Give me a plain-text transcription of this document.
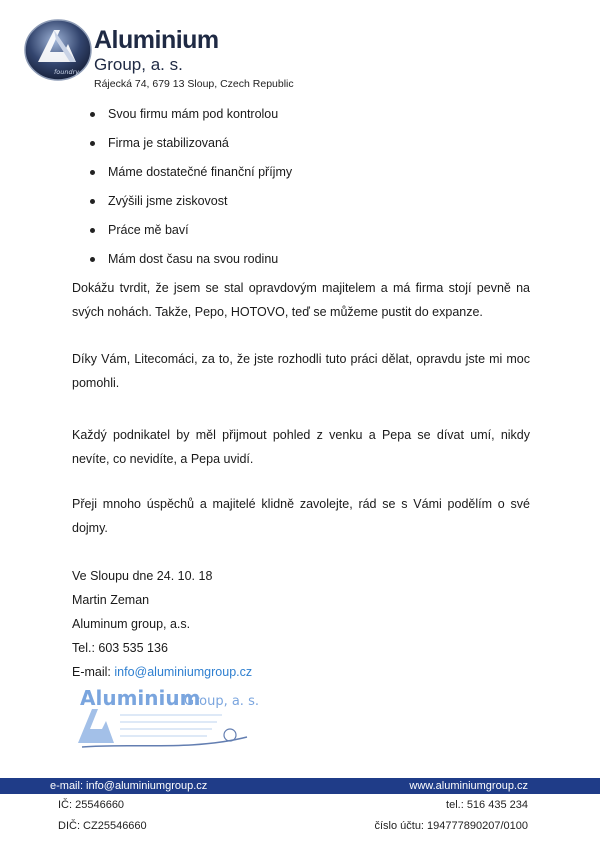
foundry
Aluminium
Group, a. s.
Rájecká 74, 679 13 Sloup, Czech Republic
Svou firmu mám pod kontrolou
Firma je stabilizovaná
Máme dostatečné finanční příjmy
Zvýšili jsme ziskovost
Práce mě baví
Mám dost času na svou rodinu

Dokážu tvrdit, že jsem se stal opravdovým majitelem a má firma stojí pevně na svých nohách. Takže, Pepo, HOTOVO, teď se můžeme pustit do expanze.

Díky Vám, Litecomáci, za to, že jste rozhodli tuto práci dělat, opravdu jste mi moc pomohli.

Každý podnikatel by měl přijmout pohled z venku a Pepa se dívat umí, nikdy nevíte, co nevidíte, a Pepa uvidí.

Přeji mnoho úspěchů a majitelé klidně zavolejte, rád se s Vámi podělím o své dojmy.

Ve Sloupu dne 24. 10. 18
Martin Zeman
Aluminum group, a.s.
Tel.: 603 535 136
E-mail: info@aluminiumgroup.cz
Aluminium
Group, a. s.
e-mail: info@aluminiumgroup.cz	www.aluminiumgroup.cz
IČ: 25546660	tel.: 516 435 234
DIČ: CZ25546660	číslo účtu: 194777890207/0100
